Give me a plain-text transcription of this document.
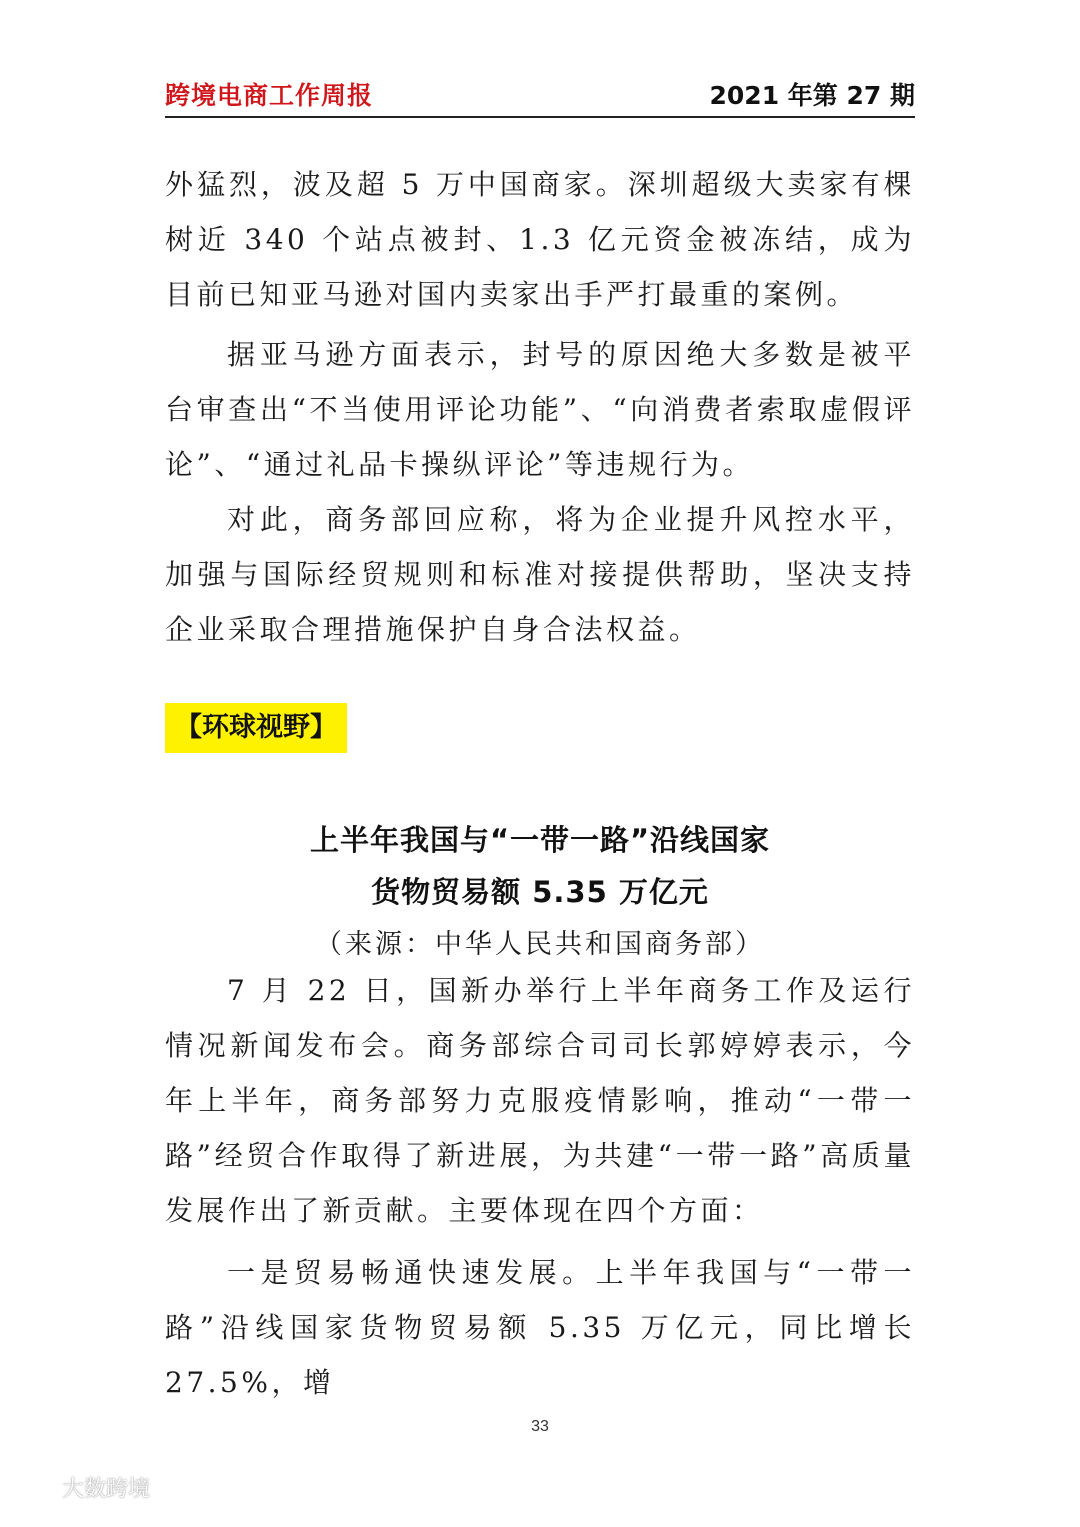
跨境电商工作周报	2021 年第 27 期

外猛烈，波及超 5 万中国商家。深圳超级大卖家有棵树近 340 个站点被封、1.3 亿元资金被冻结，成为目前已知亚马逊对国内卖家出手严打最重的案例。

据亚马逊方面表示，封号的原因绝大多数是被平台审查出“不当使用评论功能”、“向消费者索取虚假评论”、“通过礼品卡操纵评论”等违规行为。

对此，商务部回应称，将为企业提升风控水平，加强与国际经贸规则和标准对接提供帮助，坚决支持企业采取合理措施保护自身合法权益。

【环球视野】
上半年我国与“一带一路”沿线国家
货物贸易额 5.35 万亿元
（来源：中华人民共和国商务部）

7 月 22 日，国新办举行上半年商务工作及运行情况新闻发布会。商务部综合司司长郭婷婷表示，今年上半年，商务部努力克服疫情影响，推动“一带一路”经贸合作取得了新进展，为共建“一带一路”高质量发展作出了新贡献。主要体现在四个方面：

一是贸易畅通快速发展。上半年我国与“一带一路”沿线国家货物贸易额 5.35 万亿元，同比增长 27.5%，增

33
大数跨境
